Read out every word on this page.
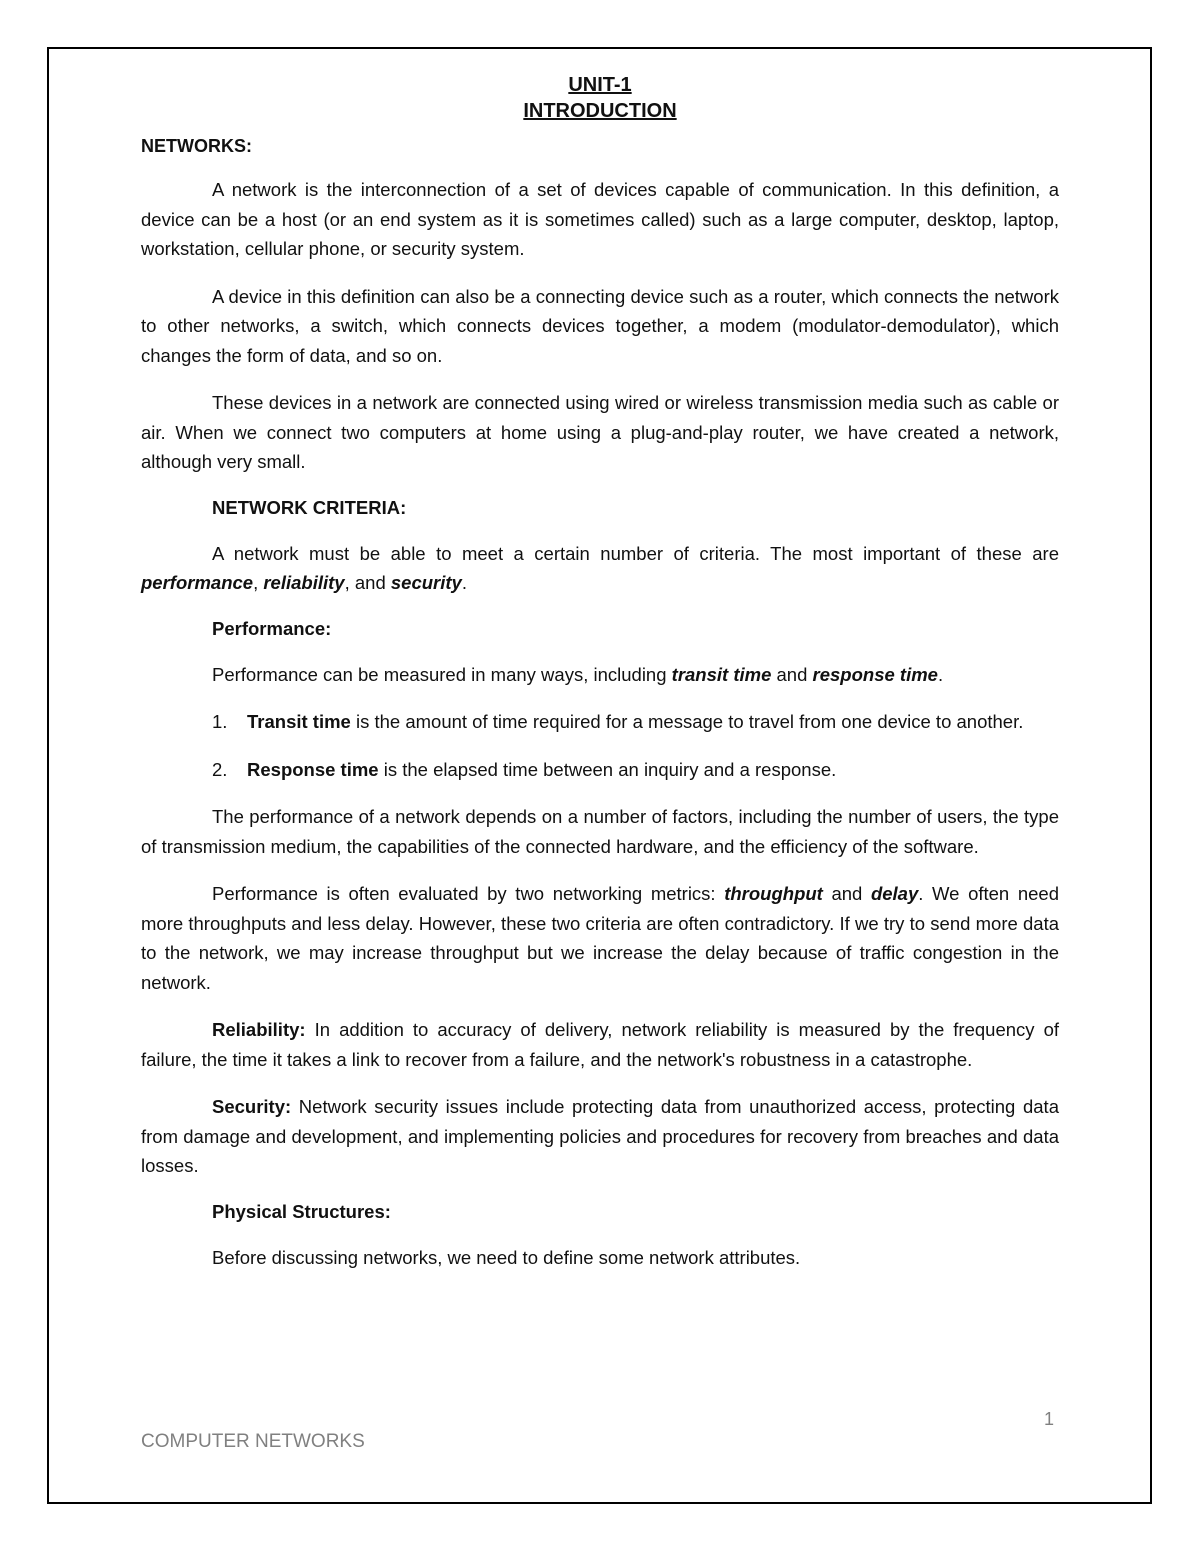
UNIT-1

INTRODUCTION

NETWORKS:

A network is the interconnection of a set of devices capable of communication. In this definition, a device can be a host (or an end system as it is sometimes called) such as a large computer, desktop, laptop, workstation, cellular phone, or security system.

A device in this definition can also be a connecting device such as a router, which connects the network to other networks, a switch, which connects devices together, a modem (modulator-demodulator), which changes the form of data, and so on.

These devices in a network are connected using wired or wireless transmission media such as cable or air. When we connect two computers at home using a plug-and-play router, we have created a network, although very small.

NETWORK CRITERIA:

A network must be able to meet a certain number of criteria. The most important of these are performance, reliability, and security.

Performance:

Performance can be measured in many ways, including transit time and response time.

1. Transit time is the amount of time required for a message to travel from one device to another.
2. Response time is the elapsed time between an inquiry and a response.

The performance of a network depends on a number of factors, including the number of users, the type of transmission medium, the capabilities of the connected hardware, and the efficiency of the software.

Performance is often evaluated by two networking metrics: throughput and delay. We often need more throughputs and less delay. However, these two criteria are often contradictory. If we try to send more data to the network, we may increase throughput but we increase the delay because of traffic congestion in the network.

Reliability: In addition to accuracy of delivery, network reliability is measured by the frequency of failure, the time it takes a link to recover from a failure, and the network's robustness in a catastrophe.

Security: Network security issues include protecting data from unauthorized access, protecting data from damage and development, and implementing policies and procedures for recovery from breaches and data losses.

Physical Structures:

Before discussing networks, we need to define some network attributes.

1
COMPUTER NETWORKS
